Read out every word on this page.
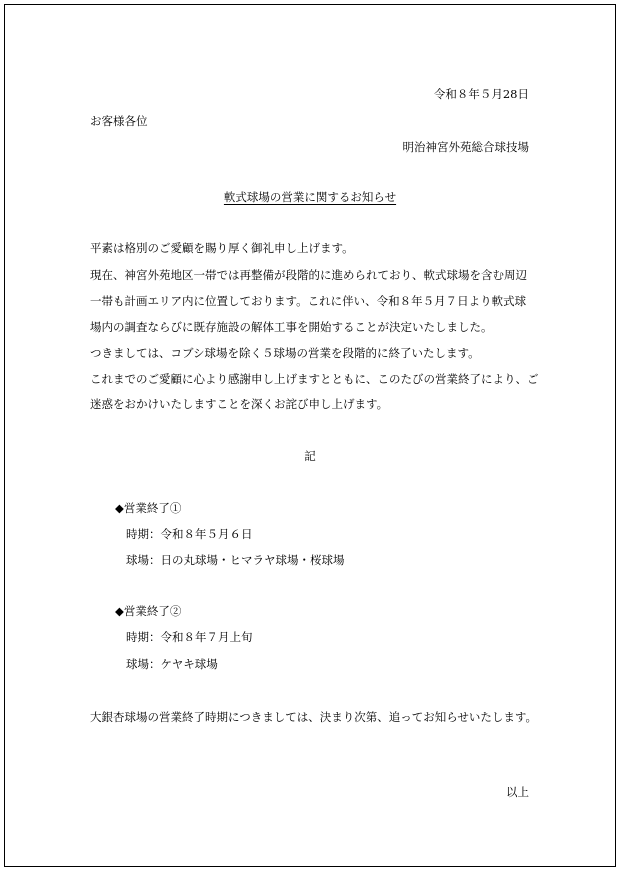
令和８年５月28日
お客様各位
明治神宮外苑総合球技場
軟式球場の営業に関するお知らせ
平素は格別のご愛顧を賜り厚く御礼申し上げます。
現在、神宮外苑地区一帯では再整備が段階的に進められており、軟式球場を含む周辺
一帯も計画エリア内に位置しております。これに伴い、令和８年５月７日より軟式球
場内の調査ならびに既存施設の解体工事を開始することが決定いたしました。
つきましては、コブシ球場を除く５球場の営業を段階的に終了いたします。
これまでのご愛顧に心より感謝申し上げますとともに、このたびの営業終了により、ご
迷惑をおかけいたしますことを深くお詫び申し上げます。
記
◆営業終了①
時期：令和８年５月６日
球場：日の丸球場・ヒマラヤ球場・桜球場
◆営業終了②
時期：令和８年７月上旬
球場：ケヤキ球場
大銀杏球場の営業終了時期につきましては、決まり次第、追ってお知らせいたします。
以上
